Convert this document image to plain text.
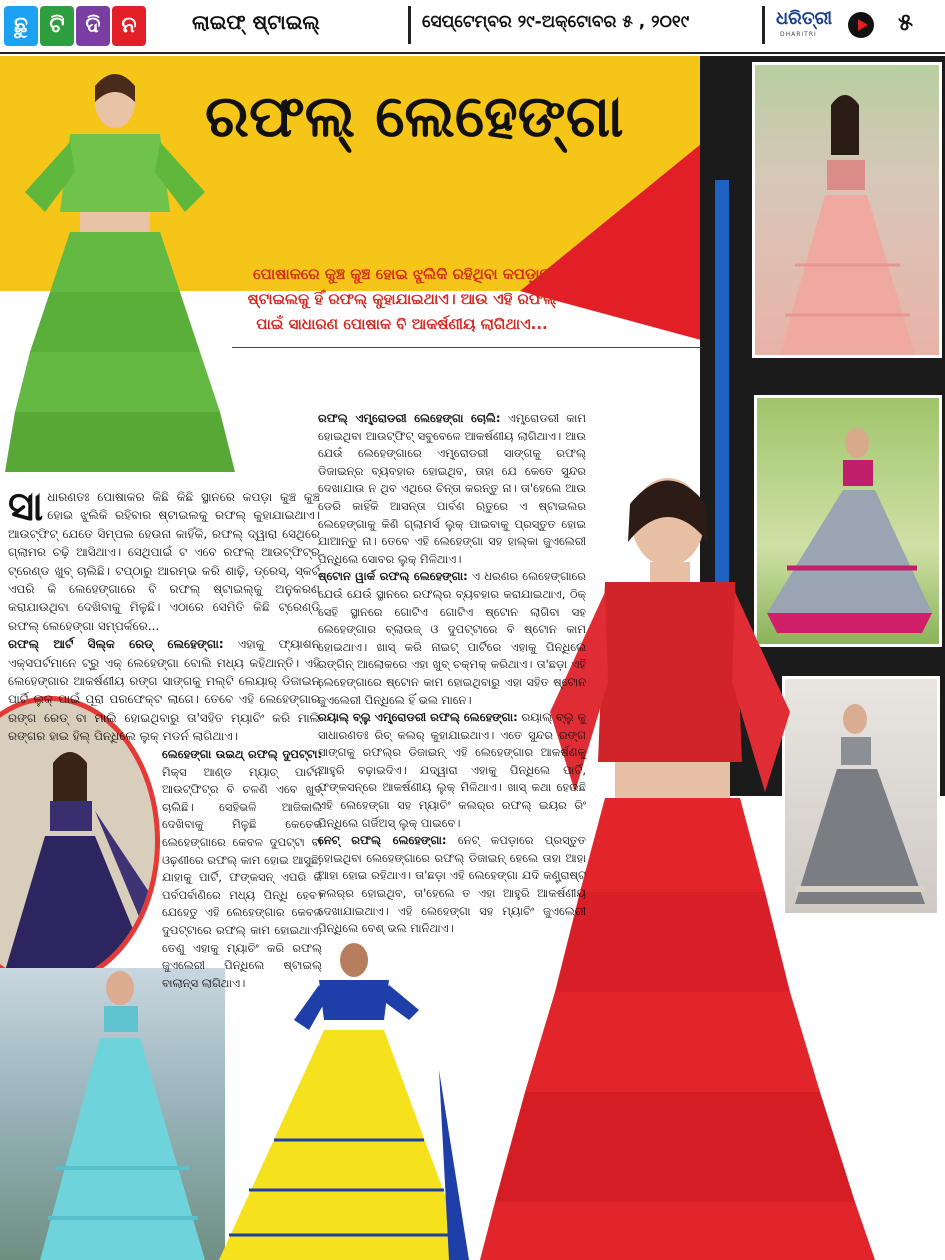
ଛୁ ଟି ଦି ନ	ଲାଇଫ୍ ଷ୍ଟାଇଲ୍	ସେପ୍ଟେମ୍ବର ୨୯-ଅକ୍ଟୋବର ୫ , ୨୦୧୯	ଧରିତ୍ରୀ
DHARITRI	୫
ରଫଲ୍ ଲେହେଙ୍ଗା
ପୋଷାକରେ କୁଞ୍ଚ କୁଞ୍ଚ ହୋଇ ଝୁଲିକି ରହିଥିବା କପଡ଼ାର ଷ୍ଟାଇଲକୁ ହିଁ ରଫଲ୍ କୁହାଯାଇଥାଏ। ଆଉ ଏହି ରଫଲ୍ ପାଇଁ ସାଧାରଣ ପୋଷାକ ବି ଆକର୍ଷଣୀୟ ଲାଗିଥାଏ...
ସା ଧାରଣତଃ ପୋଷାକର କିଛି କିଛି ସ୍ଥାନରେ କପଡ଼ା କୁଞ୍ଚ କୁଞ୍ଚ ହୋଇ ଝୁଲିକି ରହିବାର ଷ୍ଟାଇଲକୁ ରଫଲ୍ କୁହାଯାଇଥାଏ। ଆଉଟ୍‌ଫିଟ୍ ଯେତେ ସିମ୍ପଲ ହେଉନା କାହିଁକି, ରଫଲ୍ ଦ୍ୱାରା ସେଥିରେ ଗ୍ଲାମର ଚଢ଼ି ଆସିଥାଏ। ସେଥିପାଇଁ ଟ ଏବେ ରଫଲ୍ ଆଉଟ୍‌ଫିଟ୍‌ର ଟ୍ରେଣ୍ଡ ଖୁବ୍ ଚାଲିଛି। ଟପ୍‌ଠାରୁ ଆରମ୍ଭ କରି ଶାଢ଼ି, ଡ୍ରେସ୍, ସ୍କର୍ଟ ଏପରି କି ଲେହେଙ୍ଗାରେ ବି ରଫଲ୍ ଷ୍ଟାଇଲ୍‌କୁ ଅନୁକରଣ କରାଯାଉଥିବା ଦେଖିବାକୁ ମିଳୁଛି। ଏଠାରେ ସେମିତି କିଛି ଟ୍ରେଣ୍ଡି ରଫଲ୍ ଲେହେଙ୍ଗା ସମ୍ପର୍କରେ...

ରଫଲ୍ ଆର୍ଟ ସିଲ୍କ ରେଡ୍ ଲେହେଙ୍ଗା: ଏହାକୁ ଫ୍ୟାଶନ ଏକ୍ସପର୍ଟମାନେ ଟ୍ରୁ ଏକ୍ ଲେହେଙ୍ଗା ବୋଲି ମଧ୍ୟ କହିଥାନ୍ତି। ଏହି ଲେହେଙ୍ଗାର ଆକର୍ଷଣୀୟ ରଙ୍ଗ ସାଙ୍ଗକୁ ମଲ୍ଟି ଲେୟାର୍ ଡିଜାଇନ୍ ପାର୍ଟି ଲୁକ୍ ପାଇଁ ପୂରା ପରଫେକ୍ଟ ଲାଗେ। ତେବେ ଏହି ଲେହେଙ୍ଗାର ରଙ୍ଗ ରେଡ୍ ବା ମାଲି ହୋଇଥିବାରୁ ତା'ସହିତ ମ୍ୟାଚିଂ କରି ମାଲି ରଙ୍ଗର ହାଇ ହିଲ୍ ପିନ୍ଧିଲେ ଲୁକ୍ ମଡର୍ନ ଲାଗିଥାଏ।

ଲେହେଙ୍ଗା ଉଇଥ୍ ରଫଲ୍ ଦୁପଟ୍ଟା: ମିକ୍ସ ଆଣ୍ଡ ମ୍ୟାଚ୍ ପାର୍ଟନ ଆଉଟ୍‌ଫିଟ୍‌ର ବି ଚଳଣି ଏବେ ଖୁବ୍ ଚାଲିଛି। ସେହିଭଳି ଆଜିକାଲି ଦେଖିବାକୁ ମିଳୁଛି କେତେକ ଲେହେଙ୍ଗାରେ କେବଳ ଦୁପଟ୍ଟା ବା ଓଢ଼ଣୀରେ ରଫଲ୍ କାମ ହୋଇ ଆସୁଛି, ଯାହାକୁ ପାର୍ଟି, ଫଙ୍କସନ୍ ଏପରି କି ପର୍ବପର୍ବାଣିରେ ମଧ୍ୟ ପିନ୍ଧି ହେବ। ଯେହେତୁ ଏହି ଲେହେଙ୍ଗାର କେବଳ ଦୁପଟ୍ଟାରେ ରଫଲ୍ କାମ ହୋଇଥାଏ, ତେଣୁ ଏହାକୁ ମ୍ୟାଚିଂ କରି ରଫଲ୍ ଜୁଏଲେରୀ ପିନ୍ଧିଲେ ଷ୍ଟାଇଲ୍ ବାଲାନ୍ସ ଲାଗିଥାଏ।

ରଫଲ୍ ଏମ୍ବ୍ରୋଡରୀ ଲେହେଙ୍ଗା ଚୋଲି: ଏମ୍ବ୍ରୋଡରୀ କାମ ହୋଇଥିବା ଆଉଟ୍‌ଫିଟ୍ ସବୁବେଳେ ଆକର୍ଷଣୀୟ ଲାଗିଥାଏ। ଆଉ ଯେଉଁ ଲେହେଙ୍ଗାରେ ଏମ୍ବ୍ରୋଡରୀ ସାଙ୍ଗକୁ ରଫଲ୍ ଡିଜାଇନ୍‌ର ବ୍ୟବହାର ହୋଇଥିବ, ତାହା ଯେ କେତେ ସୁନ୍ଦର ଦେଖାଯାଉ ନ ଥିବ ଏଥିରେ ଚିନ୍ତା କରନ୍ତୁ ନା। ତା'ହେଲେ ଆଉ ଡେରି କାହିଁକି ଆସନ୍ତା ପାର୍ବଣ ଋତୁରେ ଏ ଷ୍ଟାଇଲର ଲେହେଙ୍ଗାକୁ କିଣି ଗ୍ଲାମର୍ସ ଲୁକ୍ ପାଇବାକୁ ପ୍ରସ୍ତୁତ ହୋଇ ଯାଆନ୍ତୁ ନା। ତେବେ ଏହି ଲେହେଙ୍ଗା ସହ ହାଲ୍କା ଜୁଏଲେରୀ ପିନ୍ଧିଲେ ସୋବର ଲୁକ୍ ମିଳିଥାଏ।

ଷ୍ଟୋନ ୱାର୍କ ରଫଲ୍ ଲେହେଙ୍ଗା: ଏ ଧରଣର ଲେହେଙ୍ଗାରେ ଯେଉଁ ଯେଉଁ ସ୍ଥାନରେ ରଫଲ୍‌ର ବ୍ୟବହାର କରାଯାଇଥାଏ, ଠିକ୍ ସେହି ସ୍ଥାନରେ ଗୋଟିଏ ଗୋଟିଏ ଷ୍ଟୋନ ଲାଗିବା ସହ ଲେହେଙ୍ଗାର ବ୍ଲାଉଜ୍ ଓ ଦୁପଟ୍ଟାରେ ବି ଷ୍ଟୋନ କାମ ହୋଇଥାଏ। ଖାସ୍ କରି ନାଇଟ୍ ପାର୍ଟିରେ ଏହାକୁ ପିନ୍ଧିଲେ ରଙ୍ଗିନ୍ ଆଲୋକରେ ଏହା ଖୁବ୍ ଚକ୍‌ମକ୍ କରିଥାଏ। ତା'ଛଡ଼ା ଏହି ଲେହେଙ୍ଗାରେ ଷ୍ଟୋନ କାମ ହୋଇଥିବାରୁ ଏହା ସହିତ ଷ୍ଟୋନ ଜୁଏଲେରୀ ପିନ୍ଧିଲେ ହିଁ ଭଲ ମାନେ।

ରୟାଲ୍ ବ୍ଲୁ ଏମ୍ବ୍ରୋଡରୀ ରଫଲ୍ ଲେହେଙ୍ଗା: ରୟାଲ୍ ବ୍ଲୁ କୁ ସାଧାରଣତଃ ରିଚ୍ କଲର୍ କୁହାଯାଇଥାଏ। ଏତେ ସୁନ୍ଦର ରଙ୍ଗ ସାଙ୍ଗକୁ ରଫଲ୍‌ର ଡିଜାଇନ୍ ଏହି ଲେହେଙ୍ଗାର ଆକର୍ଷଣକୁ ଆହୁରି ବଢ଼ାଇଦିଏ। ଯଦ୍ୱାରା ଏହାକୁ ପିନ୍ଧିଲେ ପାର୍ଟି, ଫଙ୍କସନ୍‌ରେ ଆକର୍ଷଣୀୟ ଲୁକ୍ ମିଳିଥାଏ। ଖାସ୍ କଥା ହେଉଛି ଏହି ଲେହେଙ୍ଗା ସହ ମ୍ୟାଚିଂ କଲର୍‌ର ରଫଲ୍ ଇୟର ରିଂ ପିନ୍ଧିଲେ ଗର୍ଜିଅସ୍ ଲୁକ୍ ପାଇବେ।

ନେଟ୍ ରଫଲ୍ ଲେହେଙ୍ଗା: ନେଟ୍ କପଡ଼ାରେ ପ୍ରସ୍ତୁତ ହୋଇଥିବା ଲେହେଙ୍ଗାରେ ରଫଲ୍ ଡିଜାଇନ୍ ହେଲେ ତାହା ଆହା ଆହା ହୋଇ ରହିଥାଏ। ତା'ଛଡ଼ା ଏହି ଲେହେଙ୍ଗା ଯଦି କଣ୍ଟ୍ରାଷ୍ଟ କଲର୍‌ର ହୋଇଥିବ, ତା'ହେଲେ ତ ଏହା ଆହୁରି ଆକର୍ଷଣୀୟ ଦେଖାଯାଇଥାଏ। ଏହି ଲେହେଙ୍ଗା ସହ ମ୍ୟାଚିଂ ଜୁଏଲେରୀ ପିନ୍ଧିଲେ ବେଶ୍ ଭଲ ମାନିଥାଏ।
